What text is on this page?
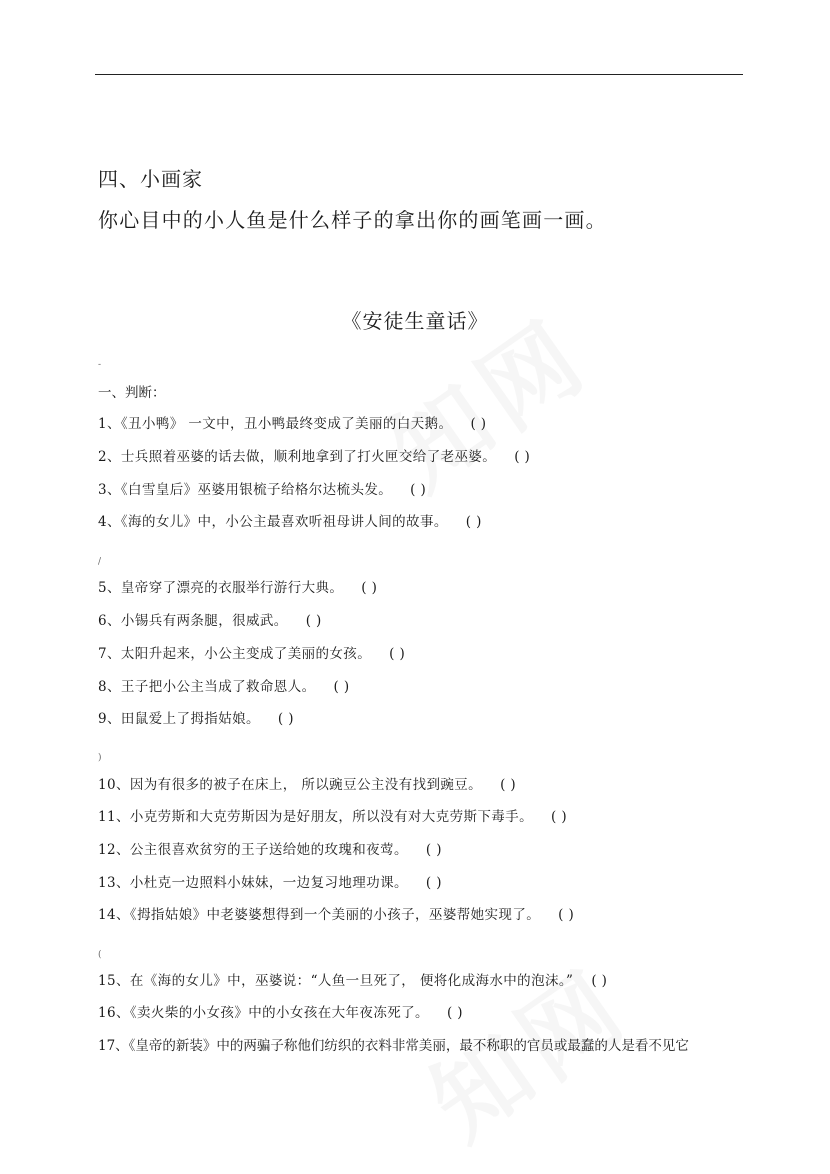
四、小画家
你心目中的小人鱼是什么样子的拿出你的画笔画一画。
《安徒生童话》
-
一、判断：
1、《丑小鸭》 一文中，丑小鸭最终变成了美丽的白天鹅。 ( )
2、士兵照着巫婆的话去做，顺利地拿到了打火匣交给了老巫婆。 ( )
3、《白雪皇后》巫婆用银梳子给格尔达梳头发。 ( )
4、《海的女儿》中，小公主最喜欢听祖母讲人间的故事。 ( )
/
5、皇帝穿了漂亮的衣服举行游行大典。 ( )
6、小锡兵有两条腿，很威武。 ( )
7、太阳升起来，小公主变成了美丽的女孩。 ( )
8、王子把小公主当成了救命恩人。 ( )
9、田鼠爱上了拇指姑娘。 ( )
)
10、因为有很多的被子在床上， 所以豌豆公主没有找到豌豆。 ( )
11、小克劳斯和大克劳斯因为是好朋友，所以没有对大克劳斯下毒手。 ( )
12、公主很喜欢贫穷的王子送给她的玫瑰和夜莺。 ( )
13、小杜克一边照料小妹妹，一边复习地理功课。 ( )
14、《拇指姑娘》中老婆婆想得到一个美丽的小孩子，巫婆帮她实现了。 ( )
(
15、在《海的女儿》中，巫婆说：“人鱼一旦死了， 便将化成海水中的泡沫。” ( )
16、《卖火柴的小女孩》中的小女孩在大年夜冻死了。 ( )
17、《皇帝的新装》中的两骗子称他们纺织的衣料非常美丽，最不称职的官员或最蠢的人是看不见它
